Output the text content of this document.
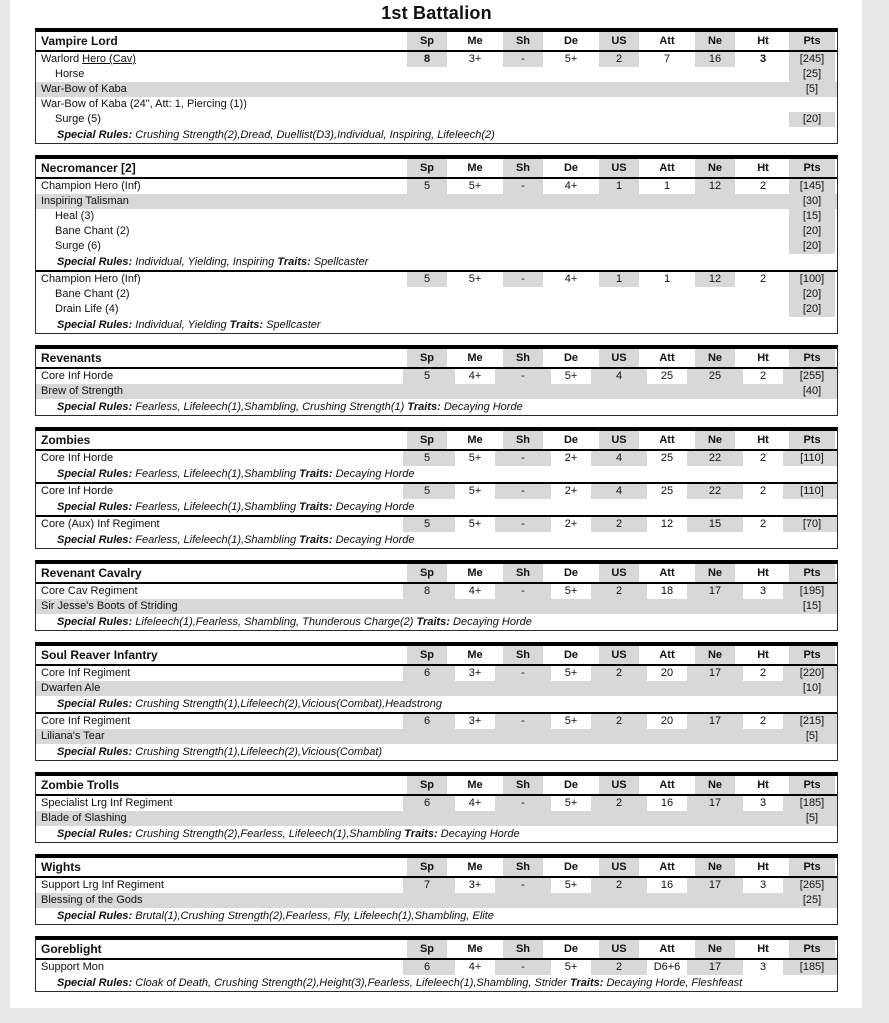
1st Battalion
Vampire Lord	Sp	Me	Sh	De	US	Att	Ne	Ht	Pts
Warlord Hero (Cav)	8	3+	-	5+	2	7	16	3	[245]
Horse	[25]
War-Bow of Kaba	[5]
War-Bow of Kaba (24", Att: 1, Piercing (1))
Surge (5)	[20]
Special Rules: Crushing Strength(2),Dread, Duellist(D3),Individual, Inspiring, Lifeleech(2)
Necromancer [2]	Sp	Me	Sh	De	US	Att	Ne	Ht	Pts
Champion Hero (Inf)	5	5+	-	4+	1	1	12	2	[145]
Inspiring Talisman	[30]
Heal (3)	[15]
Bane Chant (2)	[20]
Surge (6)	[20]
Special Rules: Individual, Yielding, Inspiring Traits: Spellcaster
Champion Hero (Inf)	5	5+	-	4+	1	1	12	2	[100]
Bane Chant (2)	[20]
Drain Life (4)	[20]
Special Rules: Individual, Yielding Traits: Spellcaster
Revenants	Sp	Me	Sh	De	US	Att	Ne	Ht	Pts
Core Inf Horde	5	4+	-	5+	4	25	25	2	[255]
Brew of Strength	[40]
Special Rules: Fearless, Lifeleech(1),Shambling, Crushing Strength(1) Traits: Decaying Horde
Zombies	Sp	Me	Sh	De	US	Att	Ne	Ht	Pts
Core Inf Horde	5	5+	-	2+	4	25	22	2	[110]
Special Rules: Fearless, Lifeleech(1),Shambling Traits: Decaying Horde
Core Inf Horde	5	5+	-	2+	4	25	22	2	[110]
Special Rules: Fearless, Lifeleech(1),Shambling Traits: Decaying Horde
Core (Aux) Inf Regiment	5	5+	-	2+	2	12	15	2	[70]
Special Rules: Fearless, Lifeleech(1),Shambling Traits: Decaying Horde
Revenant Cavalry	Sp	Me	Sh	De	US	Att	Ne	Ht	Pts
Core Cav Regiment	8	4+	-	5+	2	18	17	3	[195]
Sir Jesse's Boots of Striding	[15]
Special Rules: Lifeleech(1),Fearless, Shambling, Thunderous Charge(2) Traits: Decaying Horde
Soul Reaver Infantry	Sp	Me	Sh	De	US	Att	Ne	Ht	Pts
Core Inf Regiment	6	3+	-	5+	2	20	17	2	[220]
Dwarfen Ale	[10]
Special Rules: Crushing Strength(1),Lifeleech(2),Vicious(Combat),Headstrong
Core Inf Regiment	6	3+	-	5+	2	20	17	2	[215]
Liliana's Tear	[5]
Special Rules: Crushing Strength(1),Lifeleech(2),Vicious(Combat)
Zombie Trolls	Sp	Me	Sh	De	US	Att	Ne	Ht	Pts
Specialist Lrg Inf Regiment	6	4+	-	5+	2	16	17	3	[185]
Blade of Slashing	[5]
Special Rules: Crushing Strength(2),Fearless, Lifeleech(1),Shambling Traits: Decaying Horde
Wights	Sp	Me	Sh	De	US	Att	Ne	Ht	Pts
Support Lrg Inf Regiment	7	3+	-	5+	2	16	17	3	[265]
Blessing of the Gods	[25]
Special Rules: Brutal(1),Crushing Strength(2),Fearless, Fly, Lifeleech(1),Shambling, Elite
Goreblight	Sp	Me	Sh	De	US	Att	Ne	Ht	Pts
Support Mon	6	4+	-	5+	2	D6+6	17	3	[185]
Special Rules: Cloak of Death, Crushing Strength(2),Height(3),Fearless, Lifeleech(1),Shambling, Strider Traits: Decaying Horde, Fleshfeast
